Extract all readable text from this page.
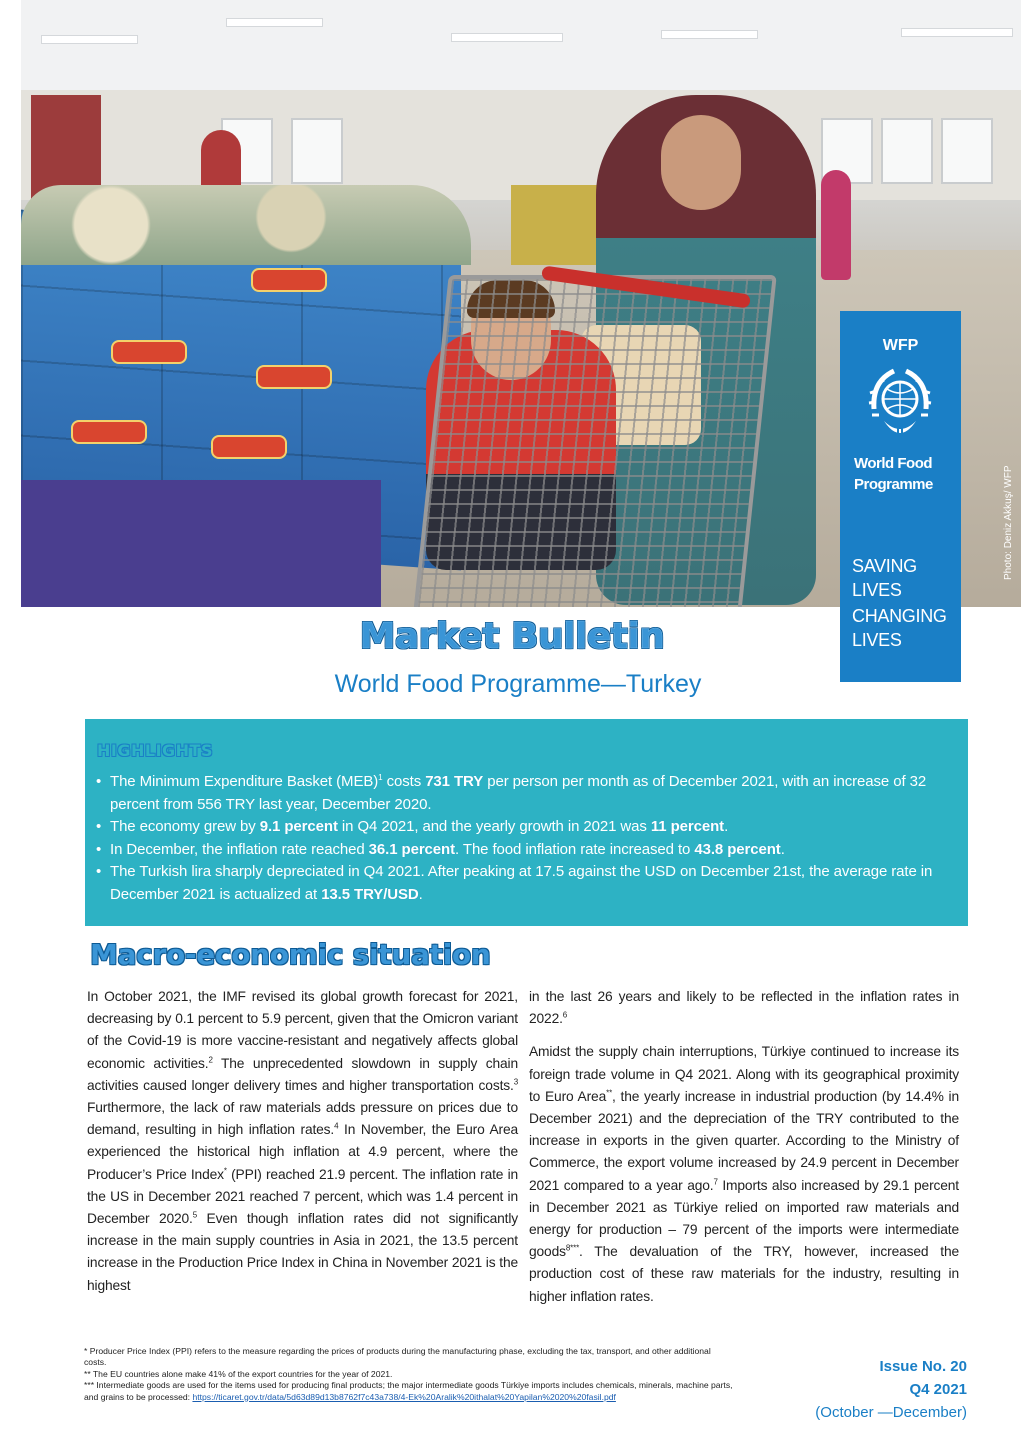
Photo: Deniz Akkuş/ WFP
WFP
World Food
Programme
SAVING
LIVES
CHANGING
LIVES
Market Bulletin
World Food Programme—Turkey
HIGHLIGHTS
• The Minimum Expenditure Basket (MEB)$^1$ costs 731 TRY per person per month as of December 2021, with an increase of 32 percent from 556 TRY last year, December 2020.
• The economy grew by 9.1 percent in Q4 2021, and the yearly growth in 2021 was 11 percent.
• In December, the inflation rate reached 36.1 percent. The food inflation rate increased to 43.8 percent.
• The Turkish lira sharply depreciated in Q4 2021. After peaking at 17.5 against the USD on December 21st, the average rate in December 2021 is actualized at 13.5 TRY/USD.
Macro-economic situation

In October 2021, the IMF revised its global growth forecast for 2021, decreasing by 0.1 percent to 5.9 percent, given that the Omicron variant of the Covid-19 is more vaccine-resistant and negatively affects global economic activities.$^2$ The unprecedented slowdown in supply chain activities caused longer delivery times and higher transportation costs.$^3$ Furthermore, the lack of raw materials adds pressure on prices due to demand, resulting in high inflation rates.$^4$ In November, the Euro Area experienced the historical high inflation at 4.9 percent, where the Producer’s Price Index* (PPI) reached 21.9 percent. The inflation rate in the US in December 2021 reached 7 percent, which was 1.4 percent in December 2020.$^5$ Even though inflation rates did not significantly increase in the main supply countries in Asia in 2021, the 13.5 percent increase in the Production Price Index in China in November 2021 is the highest

in the last 26 years and likely to be reflected in the inflation rates in 2022.$^6$

Amidst the supply chain interruptions, Türkiye continued to increase its foreign trade volume in Q4 2021. Along with its geographical proximity to Euro Area**, the yearly increase in industrial production (by 14.4% in December 2021) and the depreciation of the TRY contributed to the increase in exports in the given quarter. According to the Ministry of Commerce, the export volume increased by 24.9 percent in December 2021 compared to a year ago.$^7$ Imports also increased by 29.1 percent in December 2021 as Türkiye relied on imported raw materials and energy for production – 79 percent of the imports were intermediate goods$^{8***}$. The devaluation of the TRY, however, increased the production cost of these raw materials for the industry, resulting in higher inflation rates.

* Producer Price Index (PPI) refers to the measure regarding the prices of products during the manufacturing phase, excluding the tax, transport, and other additional costs.

** The EU countries alone make 41% of the export countries for the year of 2021.

*** Intermediate goods are used for the items used for producing final products; the major intermediate goods Türkiye imports includes chemicals, minerals, machine parts, and grains to be processed: https://ticaret.gov.tr/data/5d63d89d13b8762f7c43a738/4-Ek%20Aralik%20ithalat%20Yapilan%2020%20fasil.pdf

Issue No. 20
Q4 2021
(October —December)
